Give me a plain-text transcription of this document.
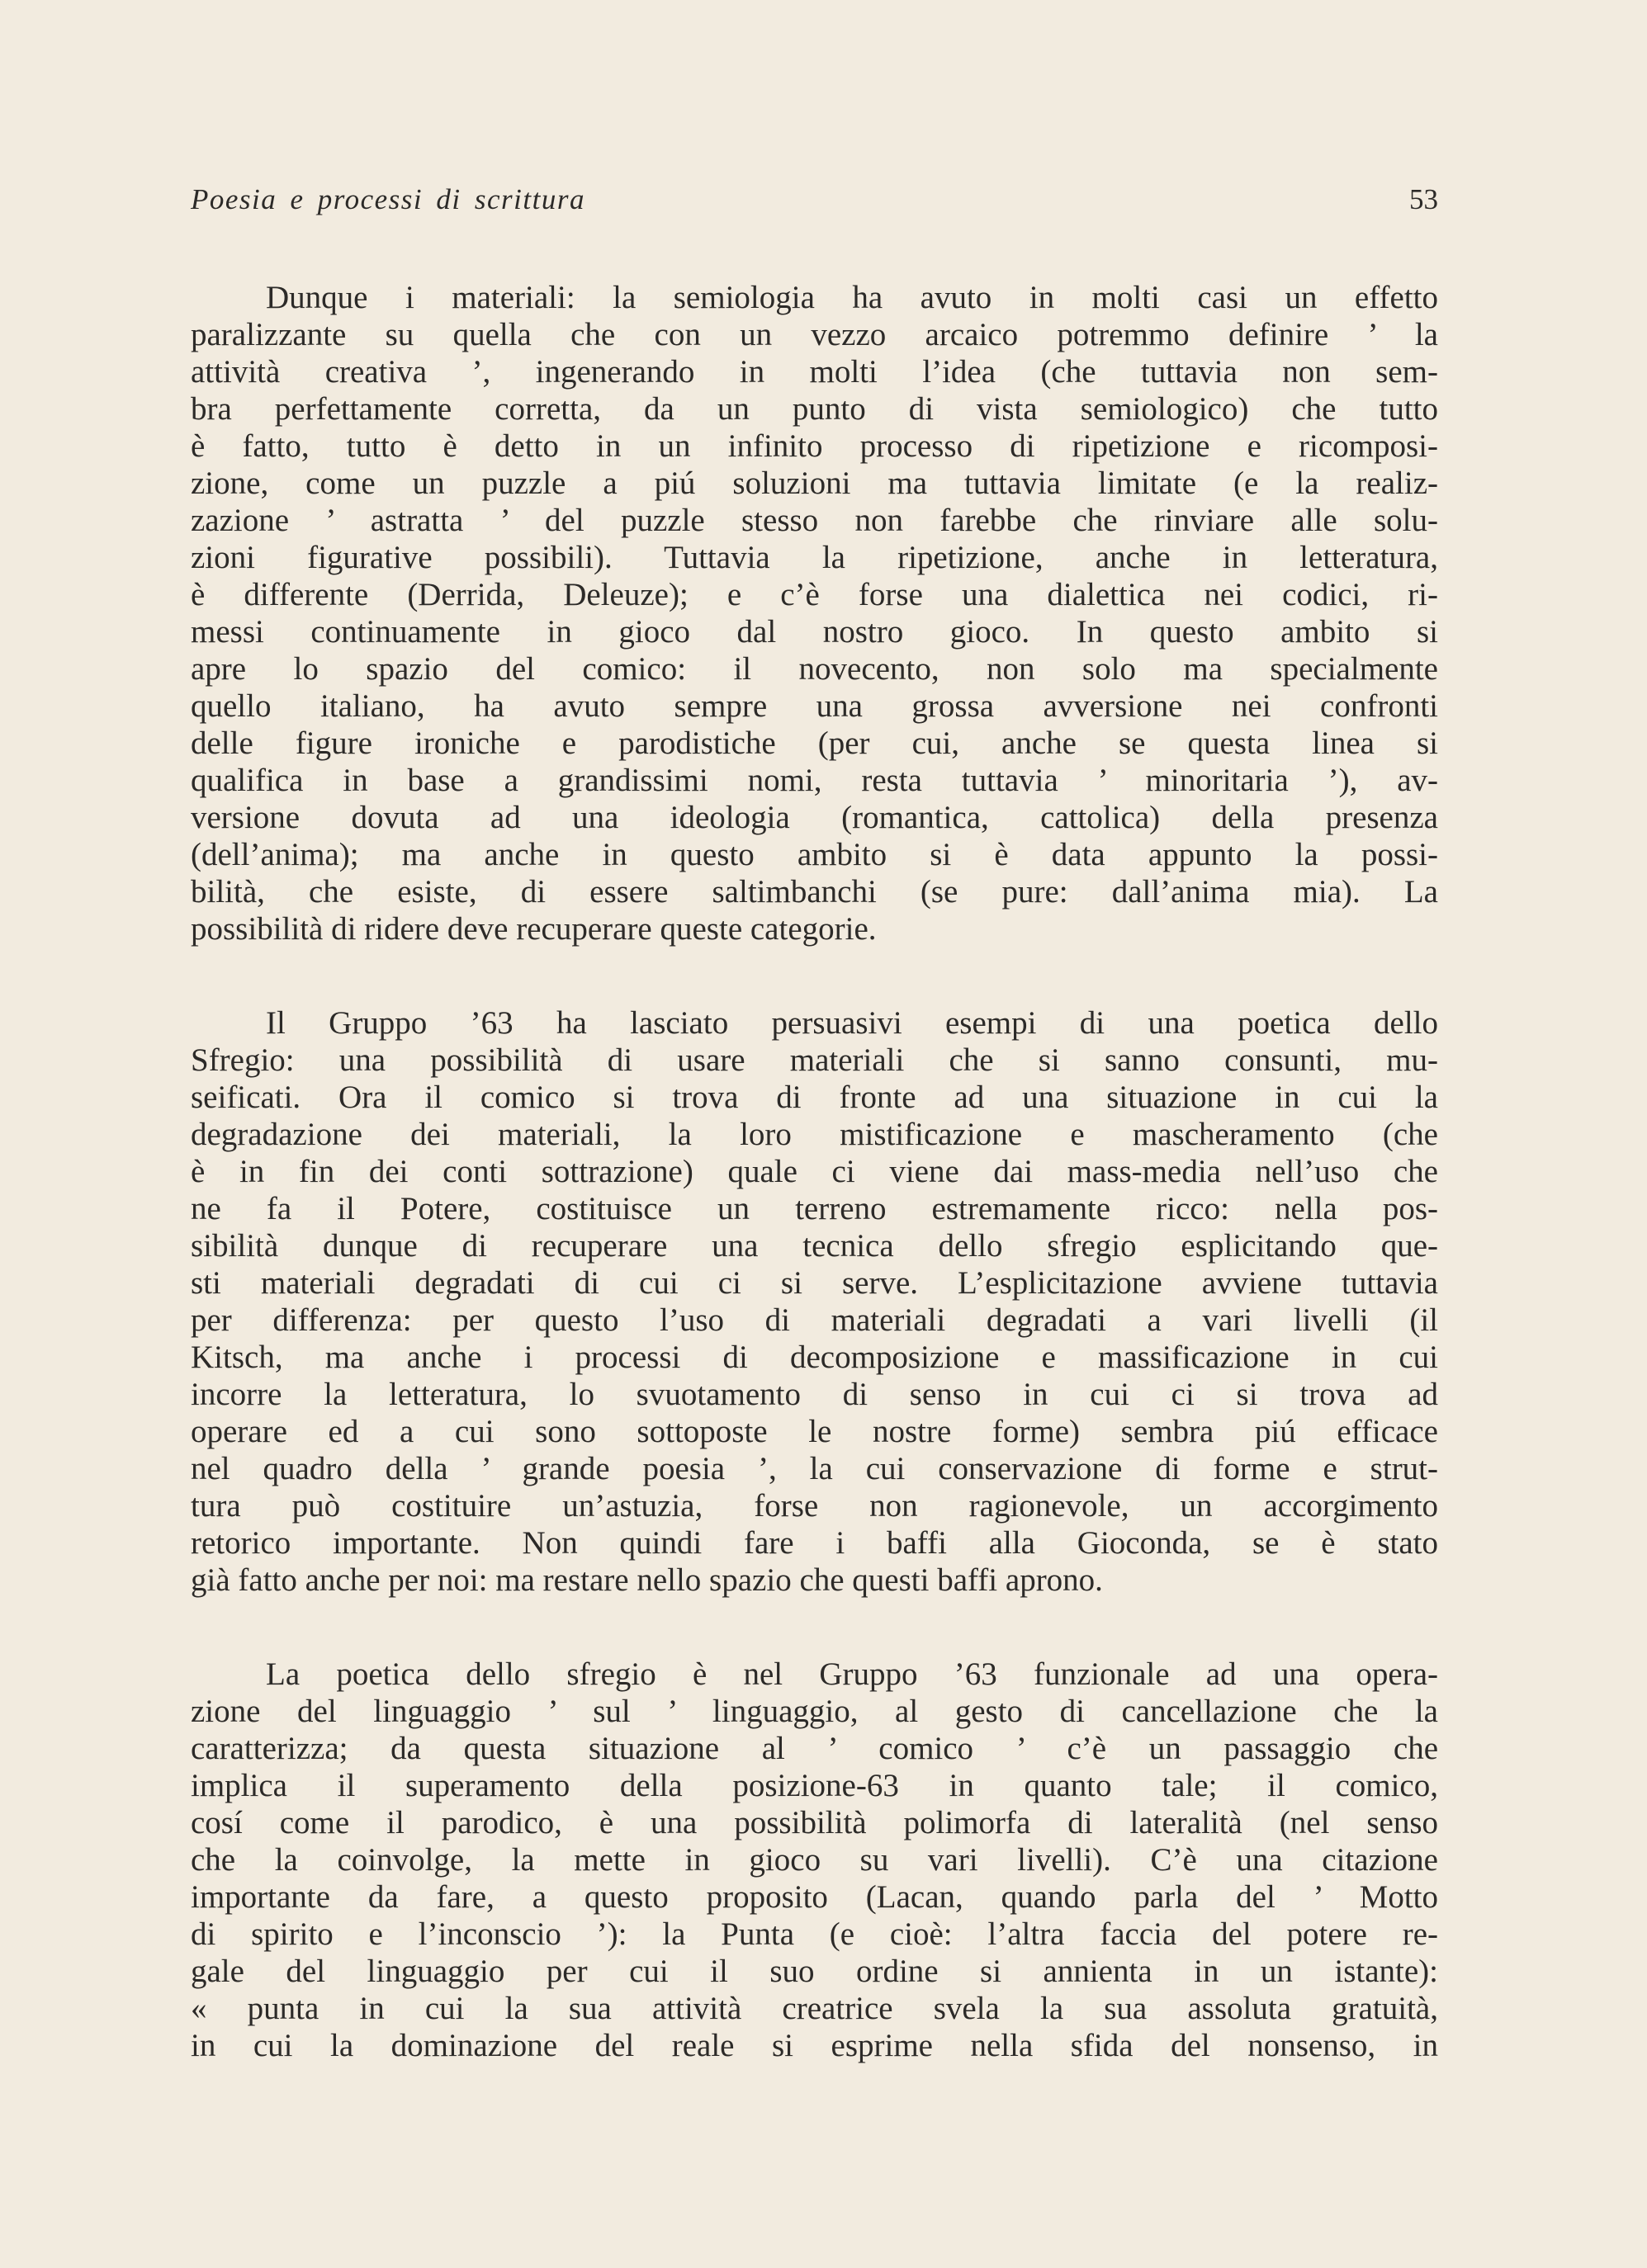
Poesia e processi di scrittura	53
Dunque i materiali: la semiologia ha avuto in molti casi un effetto
paralizzante su quella che con un vezzo arcaico potremmo definire ’ la
attività creativa ’, ingenerando in molti l’idea (che tuttavia non sem-
bra perfettamente corretta, da un punto di vista semiologico) che tutto
è fatto, tutto è detto in un infinito processo di ripetizione e ricomposi-
zione, come un puzzle a piú soluzioni ma tuttavia limitate (e la realiz-
zazione ’ astratta ’ del puzzle stesso non farebbe che rinviare alle solu-
zioni figurative possibili). Tuttavia la ripetizione, anche in letteratura,
è differente (Derrida, Deleuze); e c’è forse una dialettica nei codici, ri-
messi continuamente in gioco dal nostro gioco. In questo ambito si
apre lo spazio del comico: il novecento, non solo ma specialmente
quello italiano, ha avuto sempre una grossa avversione nei confronti
delle figure ironiche e parodistiche (per cui, anche se questa linea si
qualifica in base a grandissimi nomi, resta tuttavia ’ minoritaria ’), av-
versione dovuta ad una ideologia (romantica, cattolica) della presenza
(dell’anima); ma anche in questo ambito si è data appunto la possi-
bilità, che esiste, di essere saltimbanchi (se pure: dall’anima mia). La
possibilità di ridere deve recuperare queste categorie.
Il Gruppo ’63 ha lasciato persuasivi esempi di una poetica dello
Sfregio: una possibilità di usare materiali che si sanno consunti, mu-
seificati. Ora il comico si trova di fronte ad una situazione in cui la
degradazione dei materiali, la loro mistificazione e mascheramento (che
è in fin dei conti sottrazione) quale ci viene dai mass-media nell’uso che
ne fa il Potere, costituisce un terreno estremamente ricco: nella pos-
sibilità dunque di recuperare una tecnica dello sfregio esplicitando que-
sti materiali degradati di cui ci si serve. L’esplicitazione avviene tuttavia
per differenza: per questo l’uso di materiali degradati a vari livelli (il
Kitsch, ma anche i processi di decomposizione e massificazione in cui
incorre la letteratura, lo svuotamento di senso in cui ci si trova ad
operare ed a cui sono sottoposte le nostre forme) sembra piú efficace
nel quadro della ’ grande poesia ’, la cui conservazione di forme e strut-
tura può costituire un’astuzia, forse non ragionevole, un accorgimento
retorico importante. Non quindi fare i baffi alla Gioconda, se è stato
già fatto anche per noi: ma restare nello spazio che questi baffi aprono.
La poetica dello sfregio è nel Gruppo ’63 funzionale ad una opera-
zione del linguaggio ’ sul ’ linguaggio, al gesto di cancellazione che la
caratterizza; da questa situazione al ’ comico ’ c’è un passaggio che
implica il superamento della posizione-63 in quanto tale; il comico,
cosí come il parodico, è una possibilità polimorfa di lateralità (nel senso
che la coinvolge, la mette in gioco su vari livelli). C’è una citazione
importante da fare, a questo proposito (Lacan, quando parla del ’ Motto
di spirito e l’inconscio ’): la Punta (e cioè: l’altra faccia del potere re-
gale del linguaggio per cui il suo ordine si annienta in un istante):
« punta in cui la sua attività creatrice svela la sua assoluta gratuità,
in cui la dominazione del reale si esprime nella sfida del nonsenso, in
